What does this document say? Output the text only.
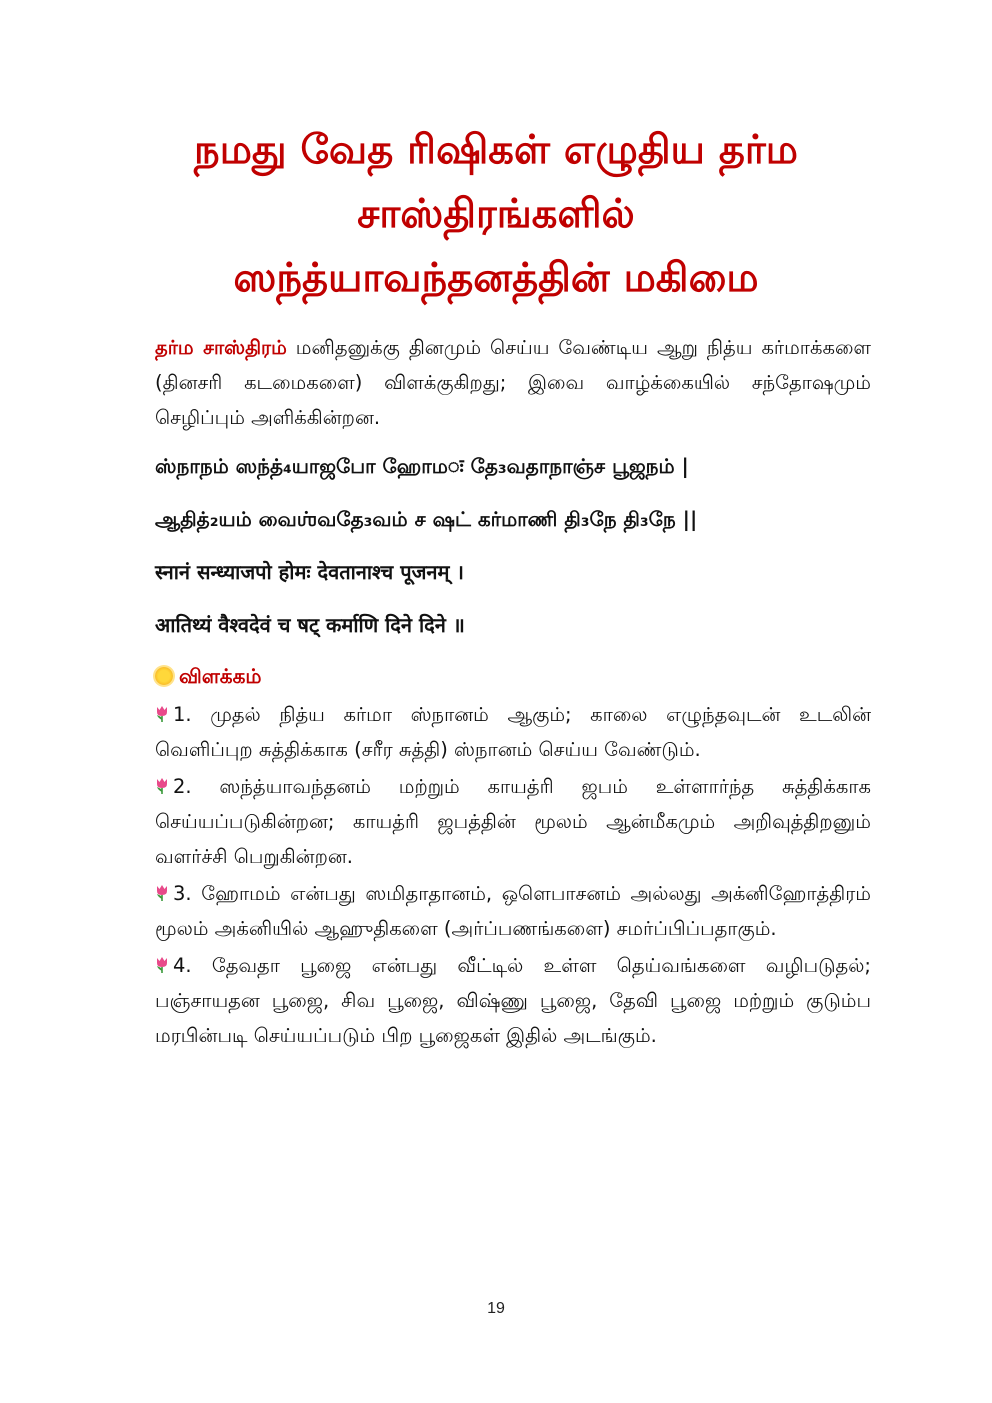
நமது வேத ரிஷிகள் எழுதிய தர்ம
சாஸ்திரங்களில்
ஸந்த்யாவந்தனத்தின் மகிமை

தர்ம சாஸ்திரம் மனிதனுக்கு தினமும் செய்ய வேண்டிய ஆறு நித்ய கர்மாக்களை (தினசரி கடமைகளை) விளக்குகிறது; இவை வாழ்க்கையில் சந்தோஷமும் செழிப்பும் அளிக்கின்றன.

ஸ்நாநம் ஸந்த்₄யாஜபோ ஹோமः தே₃வதாநாஞ்ச பூஜநம் |
ஆதித்₂யம் வைஶ்வதே₃வம் ச ஷட் கர்மாணி தி₃நே தி₃நே ||
स्नानं सन्ध्याजपो होमः देवतानाश्च पूजनम् ।
आतिथ्यं वैश्वदेवं च षट् कर्माणि दिने दिने ॥
விளக்கம்

1. முதல் நித்ய கர்மா ஸ்நானம் ஆகும்; காலை எழுந்தவுடன் உடலின் வெளிப்புற சுத்திக்காக (சரீர சுத்தி) ஸ்நானம் செய்ய வேண்டும்.

2. ஸந்த்யாவந்தனம் மற்றும் காயத்ரி ஜபம் உள்ளார்ந்த சுத்திக்காக செய்யப்படுகின்றன; காயத்ரி ஜபத்தின் மூலம் ஆன்மீகமும் அறிவுத்திறனும் வளர்ச்சி பெறுகின்றன.

3. ஹோமம் என்பது ஸமிதாதானம், ஒளெபாசனம் அல்லது அக்னிஹோத்திரம் மூலம் அக்னியில் ஆஹுதிகளை (அர்ப்பணங்களை) சமர்ப்பிப்பதாகும்.

4. தேவதா பூஜை என்பது வீட்டில் உள்ள தெய்வங்களை வழிபடுதல்; பஞ்சாயதன பூஜை, சிவ பூஜை, விஷ்ணு பூஜை, தேவி பூஜை மற்றும் குடும்ப மரபின்படி செய்யப்படும் பிற பூஜைகள் இதில் அடங்கும்.

19
